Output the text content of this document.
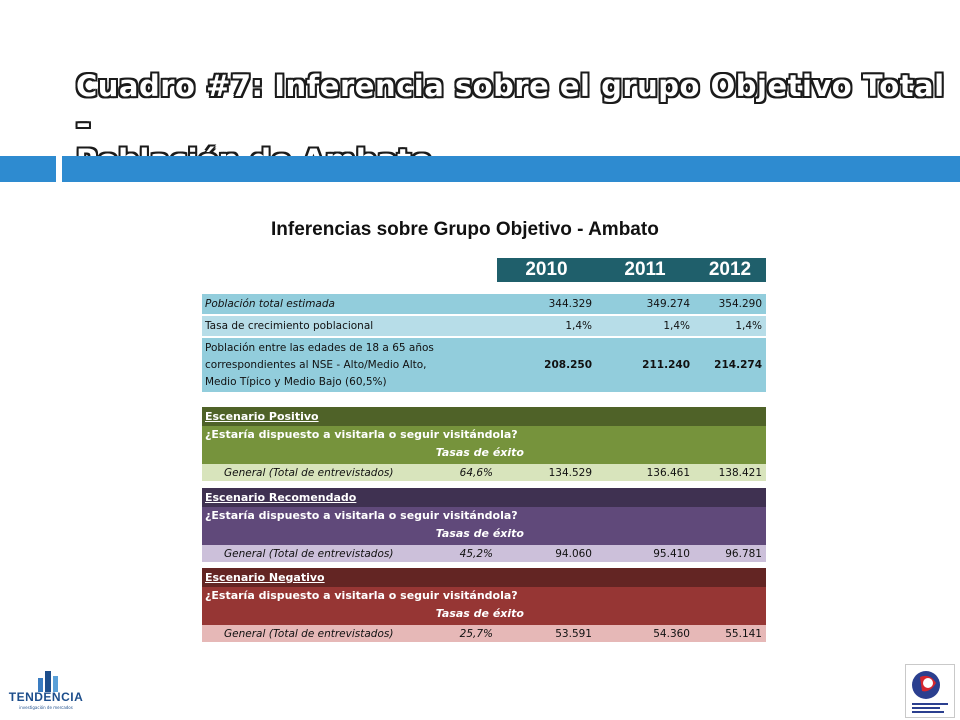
Cuadro #7: Inferencia sobre el grupo Objetivo Total –
Inferencias sobre Grupo Objetivo - Ambato
2010	2011	2012
Población total estimada	344.329	349.274	354.290
Tasa de crecimiento poblacional	1,4%	1,4%	1,4%
Población entre las edades de 18 a 65 años
correspondientes al NSE - Alto/Medio Alto,
Medio Típico y Medio Bajo (60,5%)
208.250	211.240	214.274
Escenario Positivo
¿Estaría dispuesto a visitarla o seguir visitándola?
Tasas de éxito
General (Total de entrevistados)	64,6%	134.529	136.461	138.421
Escenario Recomendado
¿Estaría dispuesto a visitarla o seguir visitándola?
Tasas de éxito
General (Total de entrevistados)	45,2%	94.060	95.410	96.781
Escenario Negativo
¿Estaría dispuesto a visitarla o seguir visitándola?
Tasas de éxito
General (Total de entrevistados)	25,7%	53.591	54.360	55.141
TENDENCIA
investigación de mercados
